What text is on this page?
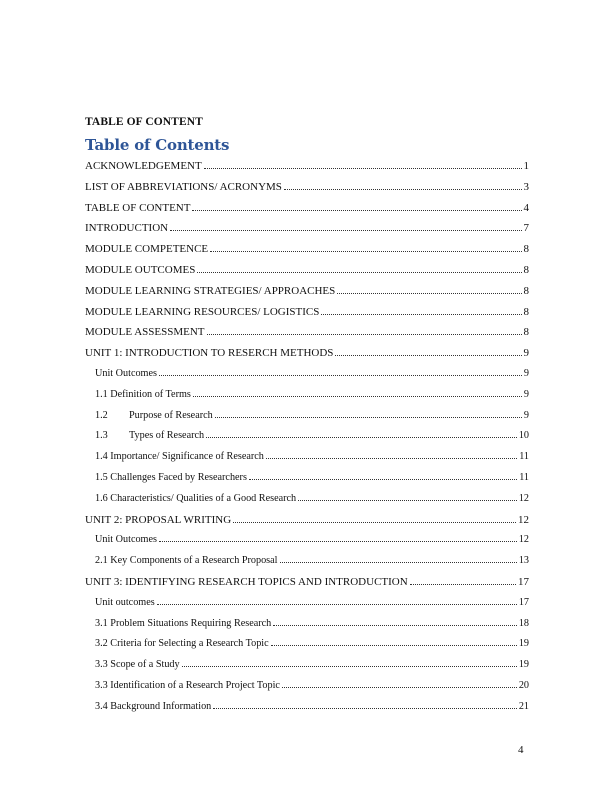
TABLE OF CONTENT
Table of Contents
ACKNOWLEDGEMENT	1
LIST OF ABBREVIATIONS/ ACRONYMS	3
TABLE OF CONTENT	4
INTRODUCTION	7
MODULE COMPETENCE	8
MODULE OUTCOMES	8
MODULE LEARNING STRATEGIES/ APPROACHES	8
MODULE LEARNING RESOURCES/ LOGISTICS	8
MODULE ASSESSMENT	8
UNIT 1: INTRODUCTION TO RESERCH METHODS	9
Unit Outcomes	9
1.1 Definition of Terms	9
1.2 Purpose of Research	9
1.3 Types of Research	10
1.4 Importance/ Significance of Research	11
1.5 Challenges Faced by Researchers	11
1.6 Characteristics/ Qualities of a Good Research	12
UNIT 2: PROPOSAL WRITING	12
Unit Outcomes	12
2.1 Key Components of a Research Proposal	13
UNIT 3: IDENTIFYING RESEARCH TOPICS AND INTRODUCTION	17
Unit outcomes	17
3.1 Problem Situations Requiring Research	18
3.2 Criteria for Selecting a Research Topic	19
3.3 Scope of a Study	19
3.3 Identification of a Research Project Topic	20
3.4 Background Information	21
4
